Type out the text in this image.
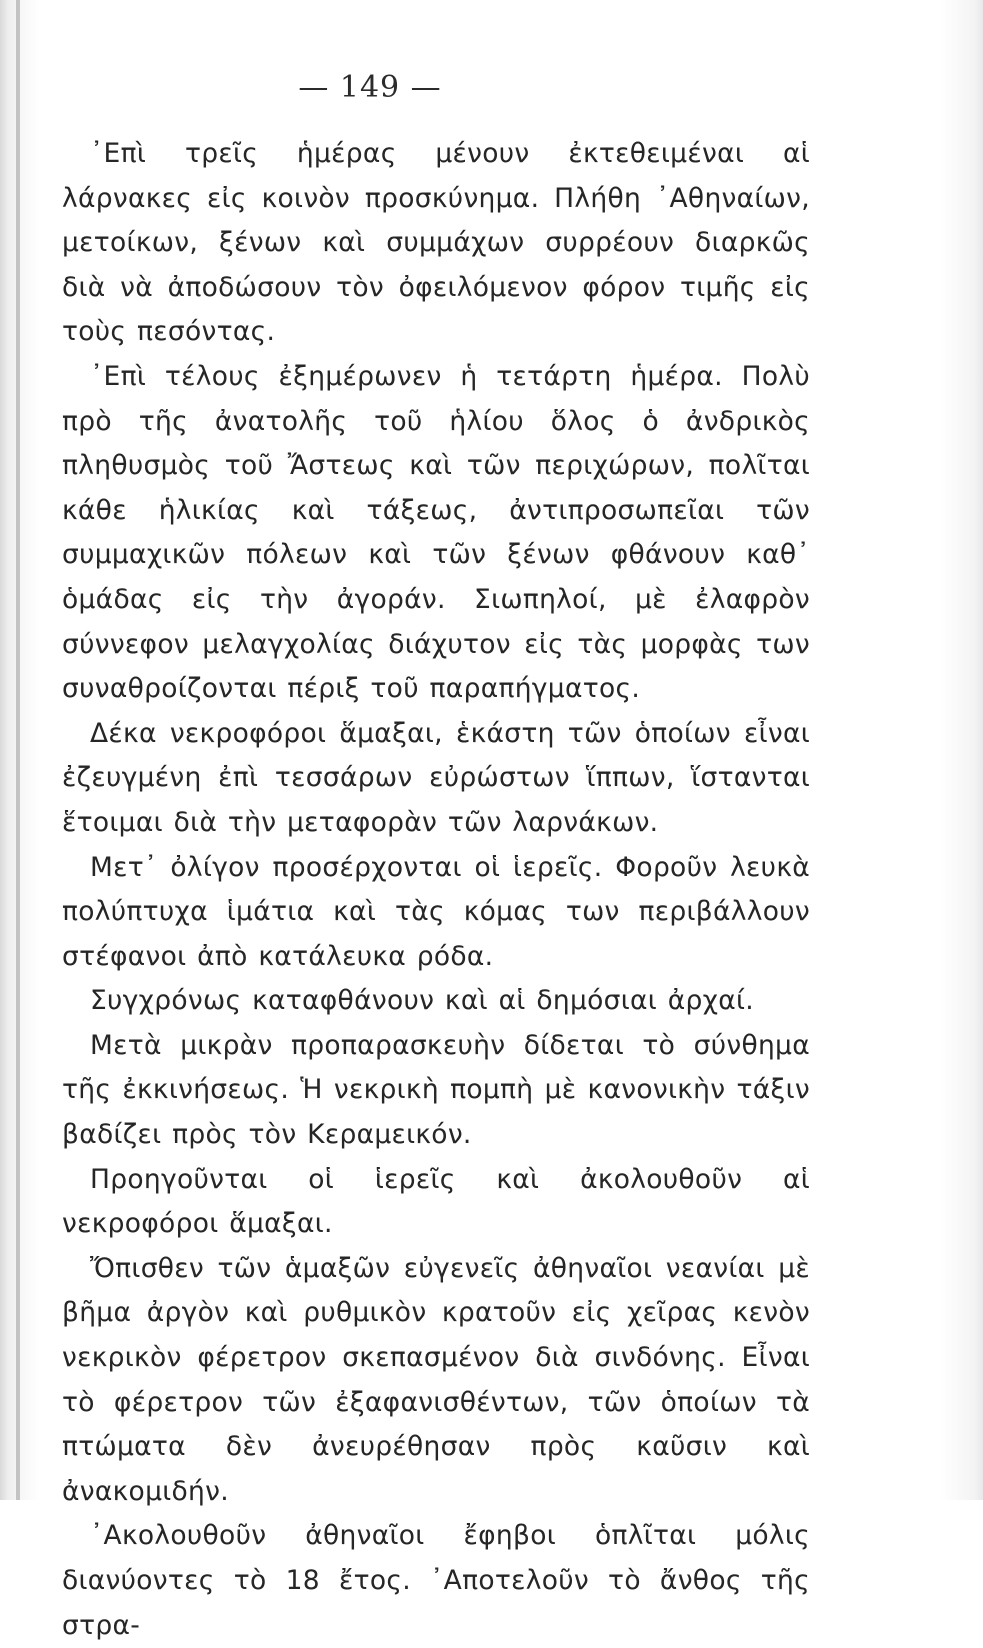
— 149 —

᾿Επὶ τρεῖς ἡμέρας μένουν ἐκτεθειμέναι αἱ λάρνακες εἰς κοινὸν προσκύνημα. Πλήθη ᾿Αθηναίων, μετοίκων, ξένων καὶ συμμάχων συρρέουν διαρκῶς διὰ νὰ ἀποδώσουν τὸν ὀφειλόμενον φόρον τιμῆς εἰς τοὺς πεσόντας.

᾿Επὶ τέλους ἐξημέρωνεν ἡ τετάρτη ἡμέρα. Πολὺ πρὸ τῆς ἀνατολῆς τοῦ ἡλίου ὅλος ὁ ἀνδρικὸς πληθυσμὸς τοῦ Ἄστεως καὶ τῶν περιχώρων, πολῖται κάθε ἡλικίας καὶ τάξεως, ἀντιπροσωπεῖαι τῶν συμμαχικῶν πόλεων καὶ τῶν ξένων φθάνουν καθ᾿ ὁμάδας εἰς τὴν ἀγοράν. Σιωπηλοί, μὲ ἐλαφρὸν σύννεφον μελαγχολίας διάχυτον εἰς τὰς μορφὰς των συναθροίζονται πέριξ τοῦ παραπήγματος.

Δέκα νεκροφόροι ἅμαξαι, ἑκάστη τῶν ὁποίων εἶναι ἐζευγμένη ἐπὶ τεσσάρων εὐρώστων ἵππων, ἵστανται ἕτοιμαι διὰ τὴν μεταφορὰν τῶν λαρνάκων.

Μετ᾿ ὀλίγον προσέρχονται οἱ ἱερεῖς. Φοροῦν λευκὰ πολύπτυχα ἱμάτια καὶ τὰς κόμας των περιβάλλουν στέφανοι ἀπὸ κατάλευκα ρόδα.

Συγχρόνως καταφθάνουν καὶ αἱ δημόσιαι ἀρχαί.

Μετὰ μικρὰν προπαρασκευὴν δίδεται τὸ σύνθημα τῆς ἐκκινήσεως. Ἡ νεκρικὴ πομπὴ μὲ κανονικὴν τάξιν βαδίζει πρὸς τὸν Κεραμεικόν.

Προηγοῦνται οἱ ἱερεῖς καὶ ἀκολουθοῦν αἱ νεκροφόροι ἅμαξαι.

Ὄπισθεν τῶν ἁμαξῶν εὐγενεῖς ἀθηναῖοι νεανίαι μὲ βῆμα ἀργὸν καὶ ρυθμικὸν κρατοῦν εἰς χεῖρας κενὸν νεκρικὸν φέρετρον σκεπασμένον διὰ σινδόνης. Εἶναι τὸ φέρετρον τῶν ἐξαφανισθέντων, τῶν ὁποίων τὰ πτώματα δὲν ἀνευρέθησαν πρὸς καῦσιν καὶ ἀνακομιδήν.

᾿Ακολουθοῦν ἀθηναῖοι ἔφηβοι ὁπλῖται μόλις διανύοντες τὸ 18 ἔτος. ᾿Αποτελοῦν τὸ ἄνθος τῆς στρα-
